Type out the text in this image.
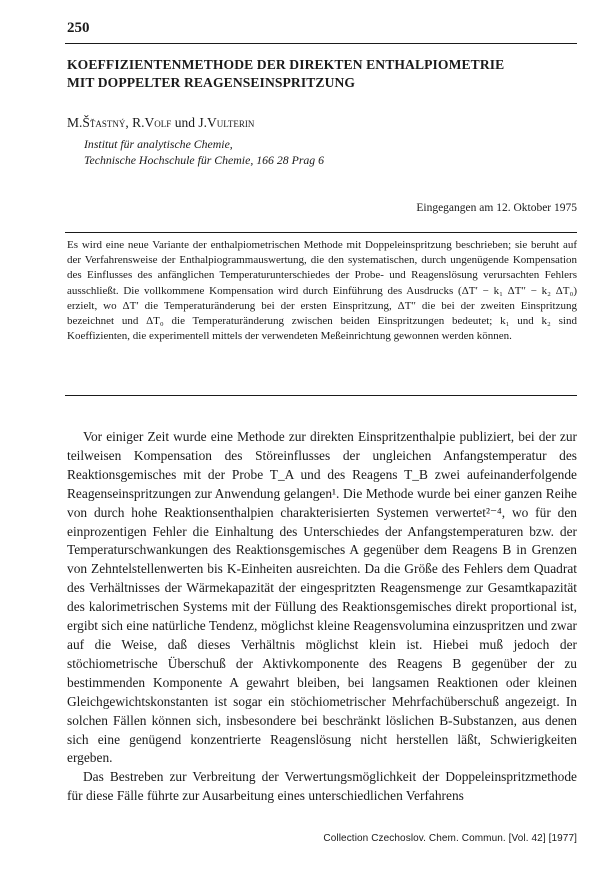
250
KOEFFIZIENTENMETHODE DER DIREKTEN ENTHALPIOMETRIE
MIT DOPPELTER REAGENSEINSPRITZUNG
M.Šťastný, R.Volf und J.Vulterin
Institut für analytische Chemie,
Technische Hochschule für Chemie, 166 28 Prag 6
Eingegangen am 12. Oktober 1975
Es wird eine neue Variante der enthalpiometrischen Methode mit Doppeleinspritzung beschrieben; sie beruht auf der Verfahrensweise der Enthalpiogrammauswertung, die den systematischen, durch ungenügende Kompensation des Einflusses des anfänglichen Temperaturunterschiedes der Probe- und Reagenslösung verursachten Fehlers ausschließt. Die vollkommene Kompensation wird durch Einführung des Ausdrucks (ΔT′ − k₁ ΔT″ − k₂ ΔT₀) erzielt, wo ΔT′ die Temperaturänderung bei der ersten Einspritzung, ΔT″ die bei der zweiten Einspritzung bezeichnet und ΔT₀ die Temperaturänderung zwischen beiden Einspritzungen bedeutet; k₁ und k₂ sind Koeffizienten, die experimentell mittels der verwendeten Meßeinrichtung gewonnen werden können.

Vor einiger Zeit wurde eine Methode zur direkten Einspritzenthalpie publiziert, bei der zur teilweisen Kompensation des Störeinflusses der ungleichen Anfangstemperatur des Reaktionsgemisches mit der Probe T_A und des Reagens T_B zwei aufeinanderfolgende Reagenseinspritzungen zur Anwendung gelangen¹. Die Methode wurde bei einer ganzen Reihe von durch hohe Reaktionsenthalpien charakterisierten Systemen verwertet²⁻⁴, wo für den einprozentigen Fehler die Einhaltung des Unterschiedes der Anfangstemperaturen bzw. der Temperaturschwankungen des Reaktionsgemisches A gegenüber dem Reagens B in Grenzen von Zehntelstellenwerten bis K-Einheiten ausreichten. Da die Größe des Fehlers dem Quadrat des Verhältnisses der Wärmekapazität der eingespritzten Reagensmenge zur Gesamtkapazität des kalorimetrischen Systems mit der Füllung des Reaktionsgemisches direkt proportional ist, ergibt sich eine natürliche Tendenz, möglichst kleine Reagensvolumina einzuspritzen und zwar auf die Weise, daß dieses Verhältnis möglichst klein ist. Hiebei muß jedoch der stöchiometrische Überschuß der Aktivkomponente des Reagens B gegenüber der zu bestimmenden Komponente A gewahrt bleiben, bei langsamen Reaktionen oder kleinen Gleichgewichtskonstanten ist sogar ein stöchiometrischer Mehrfachüberschuß angezeigt. In solchen Fällen können sich, insbesondere bei beschränkt löslichen B-Substanzen, aus denen sich eine genügend konzentrierte Reagenslösung nicht herstellen läßt, Schwierigkeiten ergeben.

Das Bestreben zur Verbreitung der Verwertungsmöglichkeit der Doppeleinspritzmethode für diese Fälle führte zur Ausarbeitung eines unterschiedlichen Verfahrens

Collection Czechoslov. Chem. Commun. [Vol. 42] [1977]
